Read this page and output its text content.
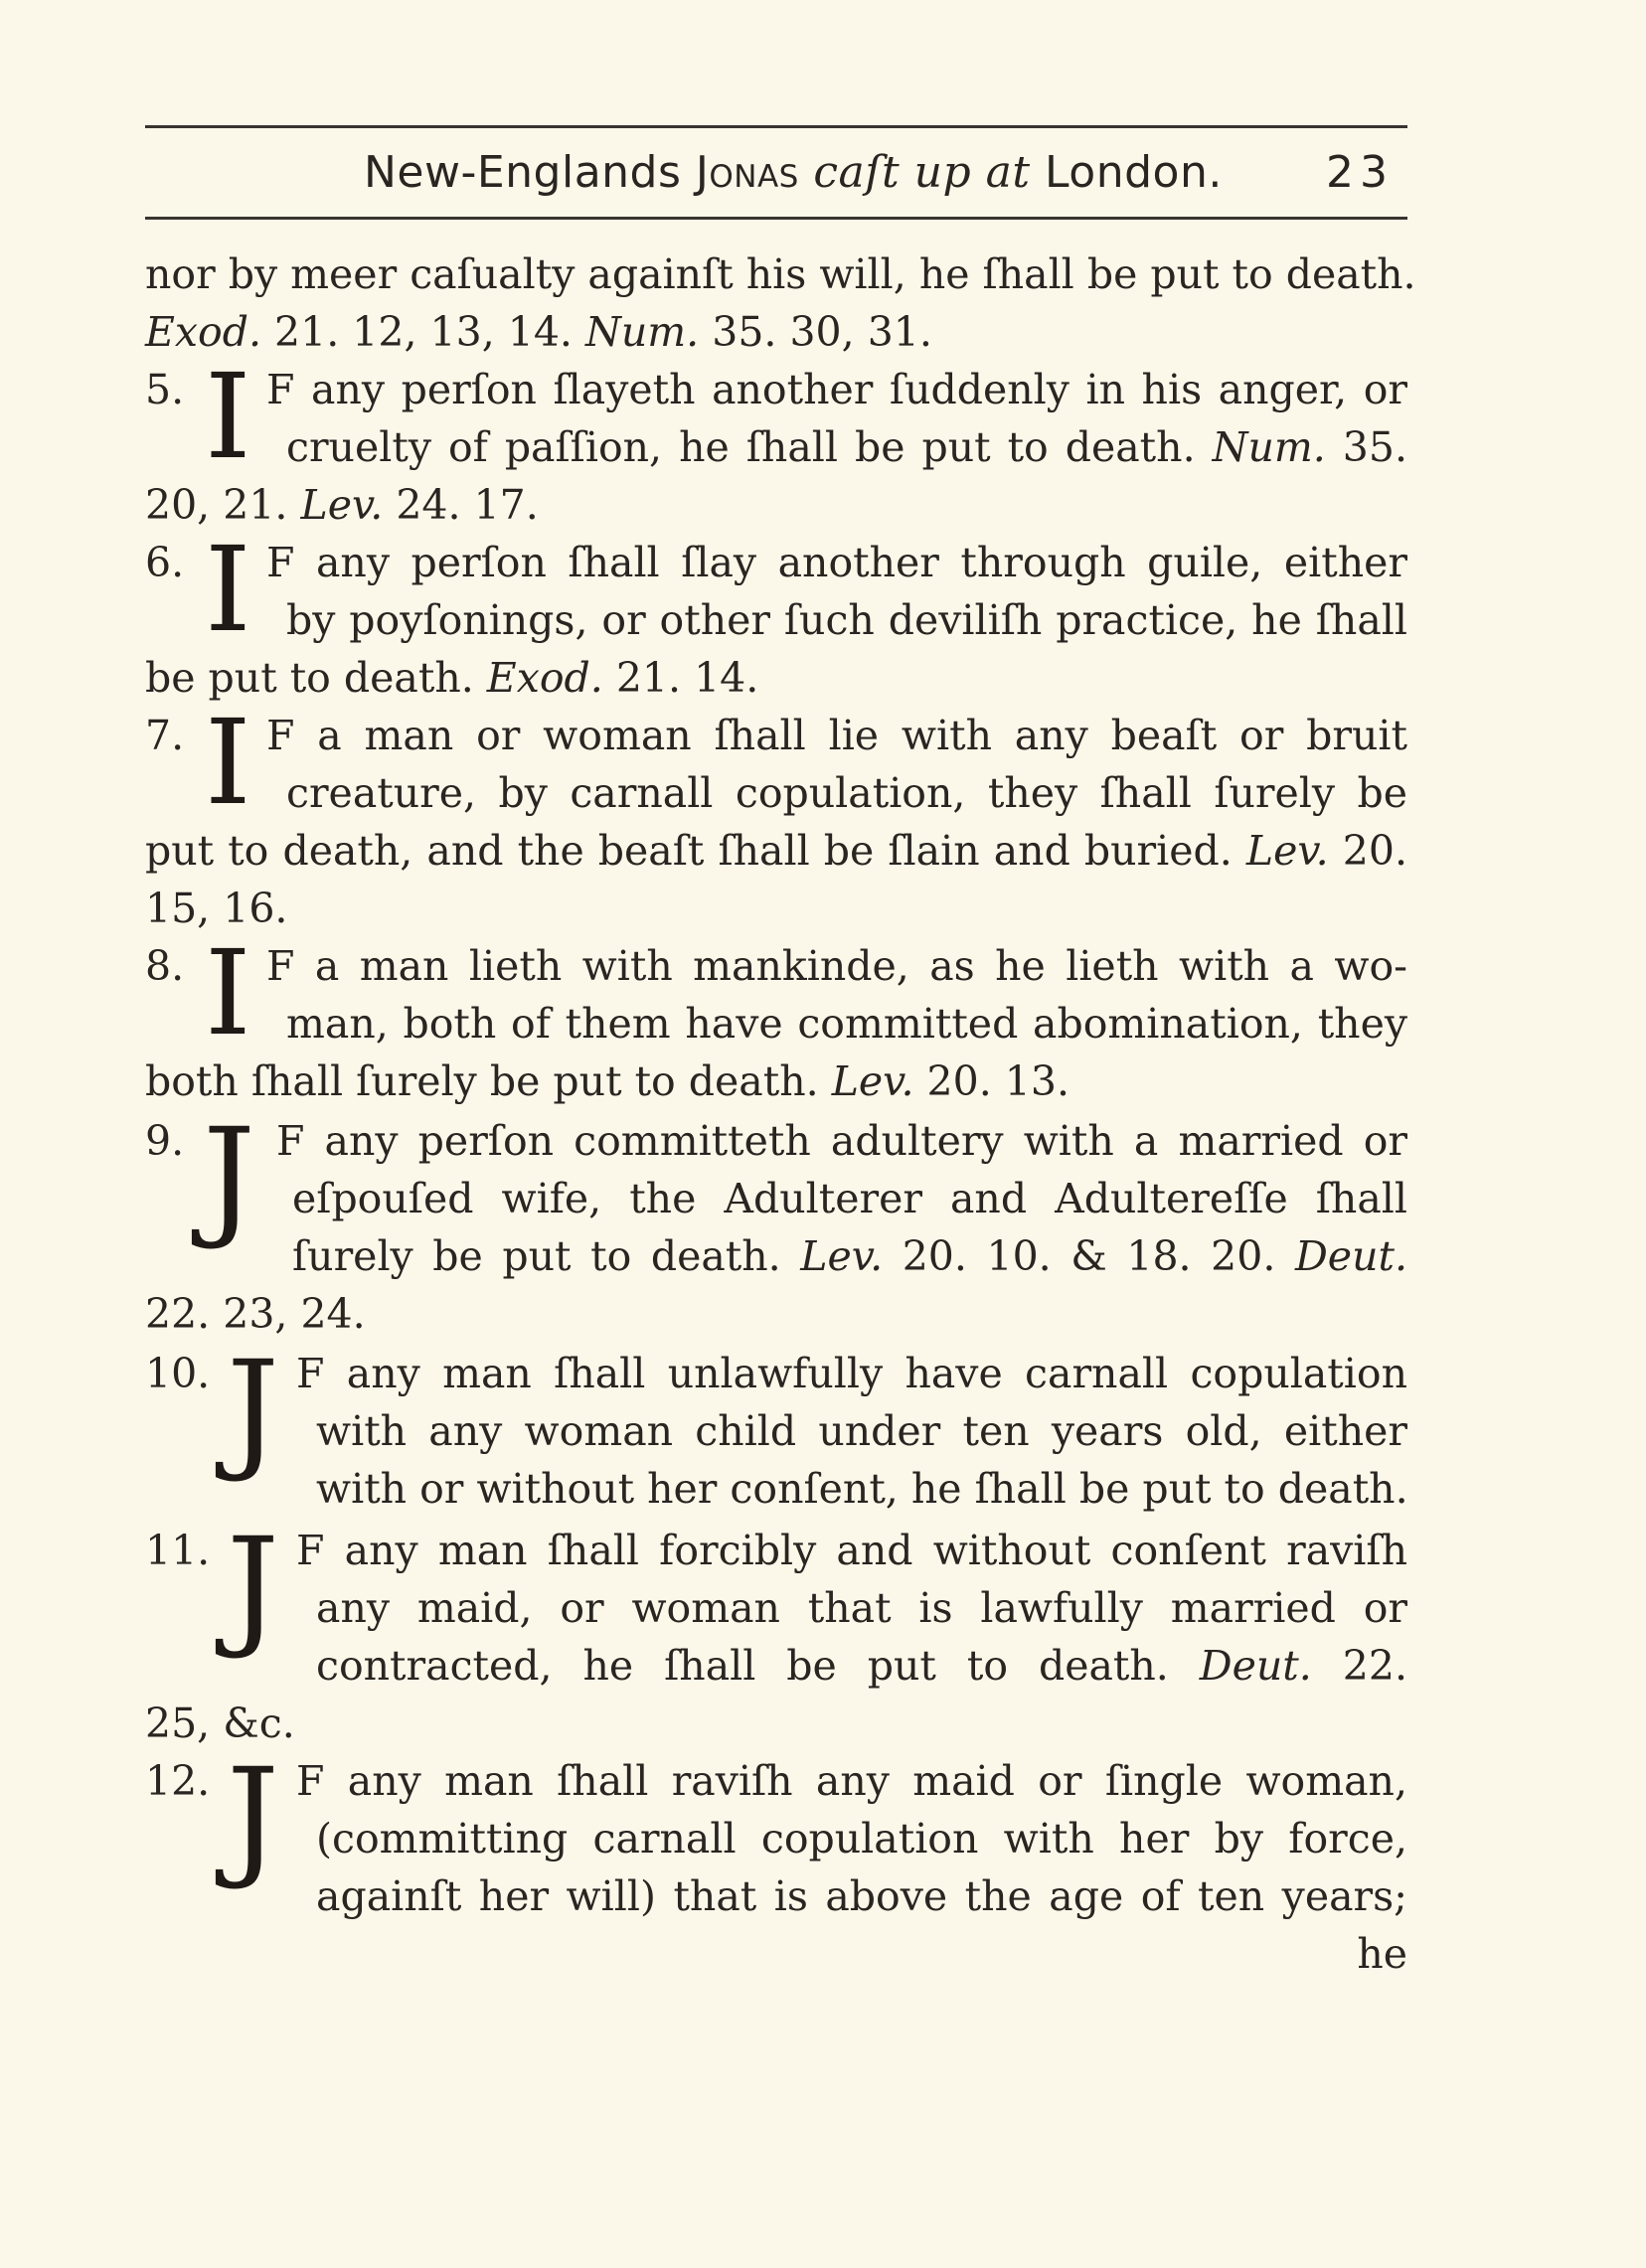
New-Englands Jonas caſt up at London. 23
nor by meer caſualty againſt his will, he ſhall be put to death.
Exod. 21. 12, 13, 14. Num. 35. 30, 31.
5. I F any perſon ſlayeth another ſuddenly in his anger, or
cruelty of paſſion, he ſhall be put to death. Num. 35.
20, 21. Lev. 24. 17.
6. I F any perſon ſhall ſlay another through guile, either
by poyſonings, or other ſuch deviliſh practice, he ſhall
be put to death. Exod. 21. 14.
7. I F a man or woman ſhall lie with any beaſt or bruit
creature, by carnall copulation, they ſhall ſurely be
put to death, and the beaſt ſhall be ſlain and buried. Lev. 20.
15, 16.
8. I F a man lieth with mankinde, as he lieth with a wo-
man, both of them have committed abomination, they
both ſhall ſurely be put to death. Lev. 20. 13.
9. J F any perſon committeth adultery with a married or
eſpouſed wife, the Adulterer and Adultereſſe ſhall
ſurely be put to death. Lev. 20. 10. & 18. 20. Deut.
22. 23, 24.
10. J F any man ſhall unlawfully have carnall copulation
with any woman child under ten years old, either
with or without her conſent, he ſhall be put to death.
11. J F any man ſhall forcibly and without conſent raviſh
any maid, or woman that is lawfully married or
contracted, he ſhall be put to death. Deut. 22.
25, &c.
12. J F any man ſhall raviſh any maid or ſingle woman,
(committing carnall copulation with her by force,
againſt her will) that is above the age of ten years;
he
